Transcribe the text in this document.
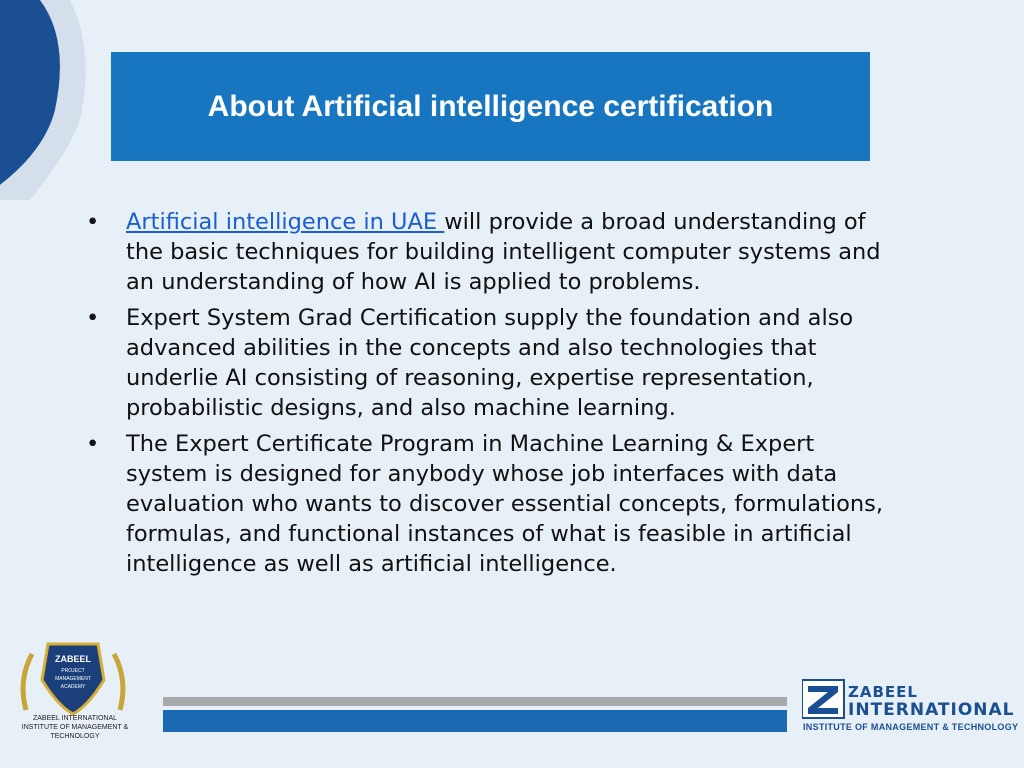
About Artificial intelligence certification
• Artificial intelligence in UAE will provide a broad understanding of the basic techniques for building intelligent computer systems and an understanding of how AI is applied to problems.
• Expert System Grad Certification supply the foundation and also advanced abilities in the concepts and also technologies that underlie AI consisting of reasoning, expertise representation, probabilistic designs, and also machine learning.
• The Expert Certificate Program in Machine Learning & Expert system is designed for anybody whose job interfaces with data evaluation who wants to discover essential concepts, formulations, formulas, and functional instances of what is feasible in artificial intelligence as well as artificial intelligence.
ZABEEL
PROJECT
MANAGEMENT
ACADEMY
ZABEEL INTERNATIONAL
INSTITUTE OF MANAGEMENT & TECHNOLOGY
ZABEEL
INTERNATIONAL
INSTITUTE OF MANAGEMENT & TECHNOLOGY
